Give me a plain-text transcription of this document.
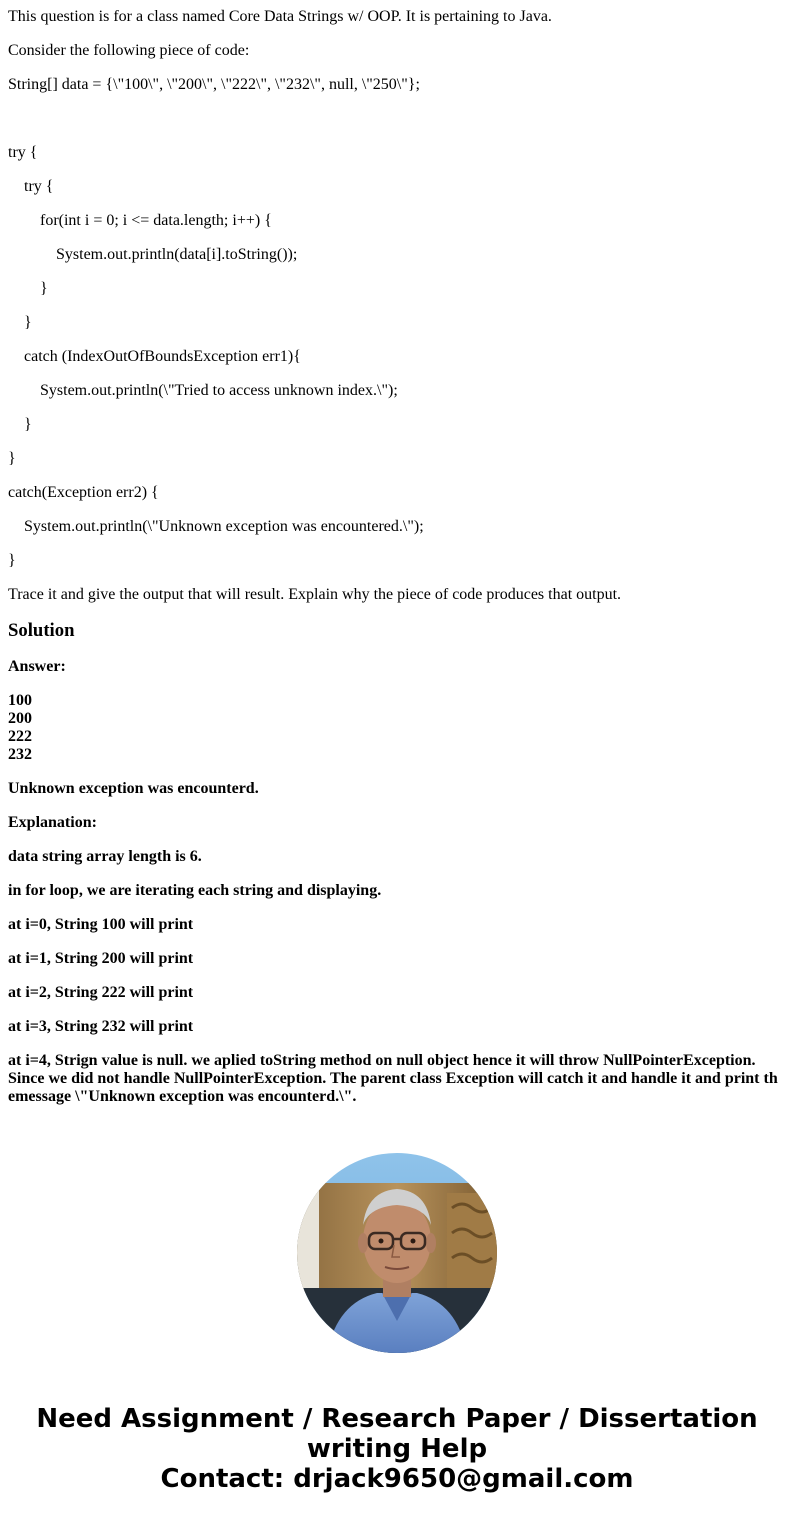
This question is for a class named Core Data Strings w/ OOP. It is pertaining to Java.

Consider the following piece of code:

String[] data = {\"100\", \"200\", \"222\", \"232\", null, \"250\"};

try {

try {

for(int i = 0; i <= data.length; i++) {

System.out.println(data[i].toString());

}

}

catch (IndexOutOfBoundsException err1){

System.out.println(\"Tried to access unknown index.\");

}

}

catch(Exception err2) {

System.out.println(\"Unknown exception was encountered.\");

}

Trace it and give the output that will result. Explain why the piece of code produces that output.

Solution

Answer:

100
200
222
232

Unknown exception was encounterd.

Explanation:

data string array length is 6.

in for loop, we are iterating each string and displaying.

at i=0, String 100 will print

at i=1, String 200 will print

at i=2, String 222 will print

at i=3, String 232 will print

at i=4, Strign value is null. we aplied toString method on null object hence it will throw NullPointerException. Since we did not handle NullPointerException. The parent class Exception will catch it and handle it and print th emessage \"Unknown exception was encounterd.\".

Need Assignment / Research Paper / Dissertation
writing Help
Contact: drjack9650@gmail.com
